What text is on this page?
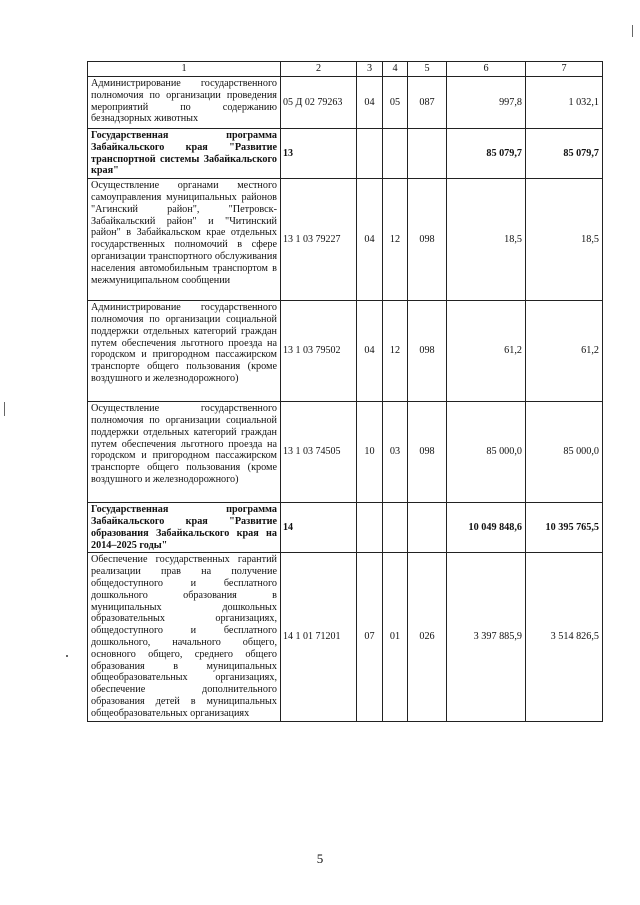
1	2	3	4	5	6	7
Администрирование государственного полномочия по организации проведения мероприятий по содержанию безнадзорных животных	05 Д 02 79263	04	05	087	997,8	1 032,1
Государственная программа Забайкальского края "Развитие транспортной системы Забайкальского края"	13				85 079,7	85 079,7
Осуществление органами местного самоуправления муниципальных районов "Агинский район", "Петровск-Забайкальский район" и "Читинский район" в Забайкальском крае отдельных государственных полномочий в сфере организации транспортного обслуживания населения автомобильным транспортом в межмуниципальном сообщении	13 1 03 79227	04	12	098	18,5	18,5
Администрирование государственного полномочия по организации социальной поддержки отдельных категорий граждан путем обеспечения льготного проезда на городском и пригородном пассажирском транспорте общего пользования (кроме воздушного и железнодорожного)	13 1 03 79502	04	12	098	61,2	61,2
Осуществление государственного полномочия по организации социальной поддержки отдельных категорий граждан путем обеспечения льготного проезда на городском и пригородном пассажирском транспорте общего пользования (кроме воздушного и железнодорожного)	13 1 03 74505	10	03	098	85 000,0	85 000,0
Государственная программа Забайкальского края "Развитие образования Забайкальского края на 2014–2025 годы"	14				10 049 848,6	10 395 765,5
Обеспечение государственных гарантий реализации прав на получение общедоступного и бесплатного дошкольного образования в муниципальных дошкольных образовательных организациях, общедоступного и бесплатного дошкольного, начального общего, основного общего, среднего общего образования в муниципальных общеобразовательных организациях, обеспечение дополнительного образования детей в муниципальных общеобразовательных организациях	14 1 01 71201	07	01	026	3 397 885,9	3 514 826,5
5
